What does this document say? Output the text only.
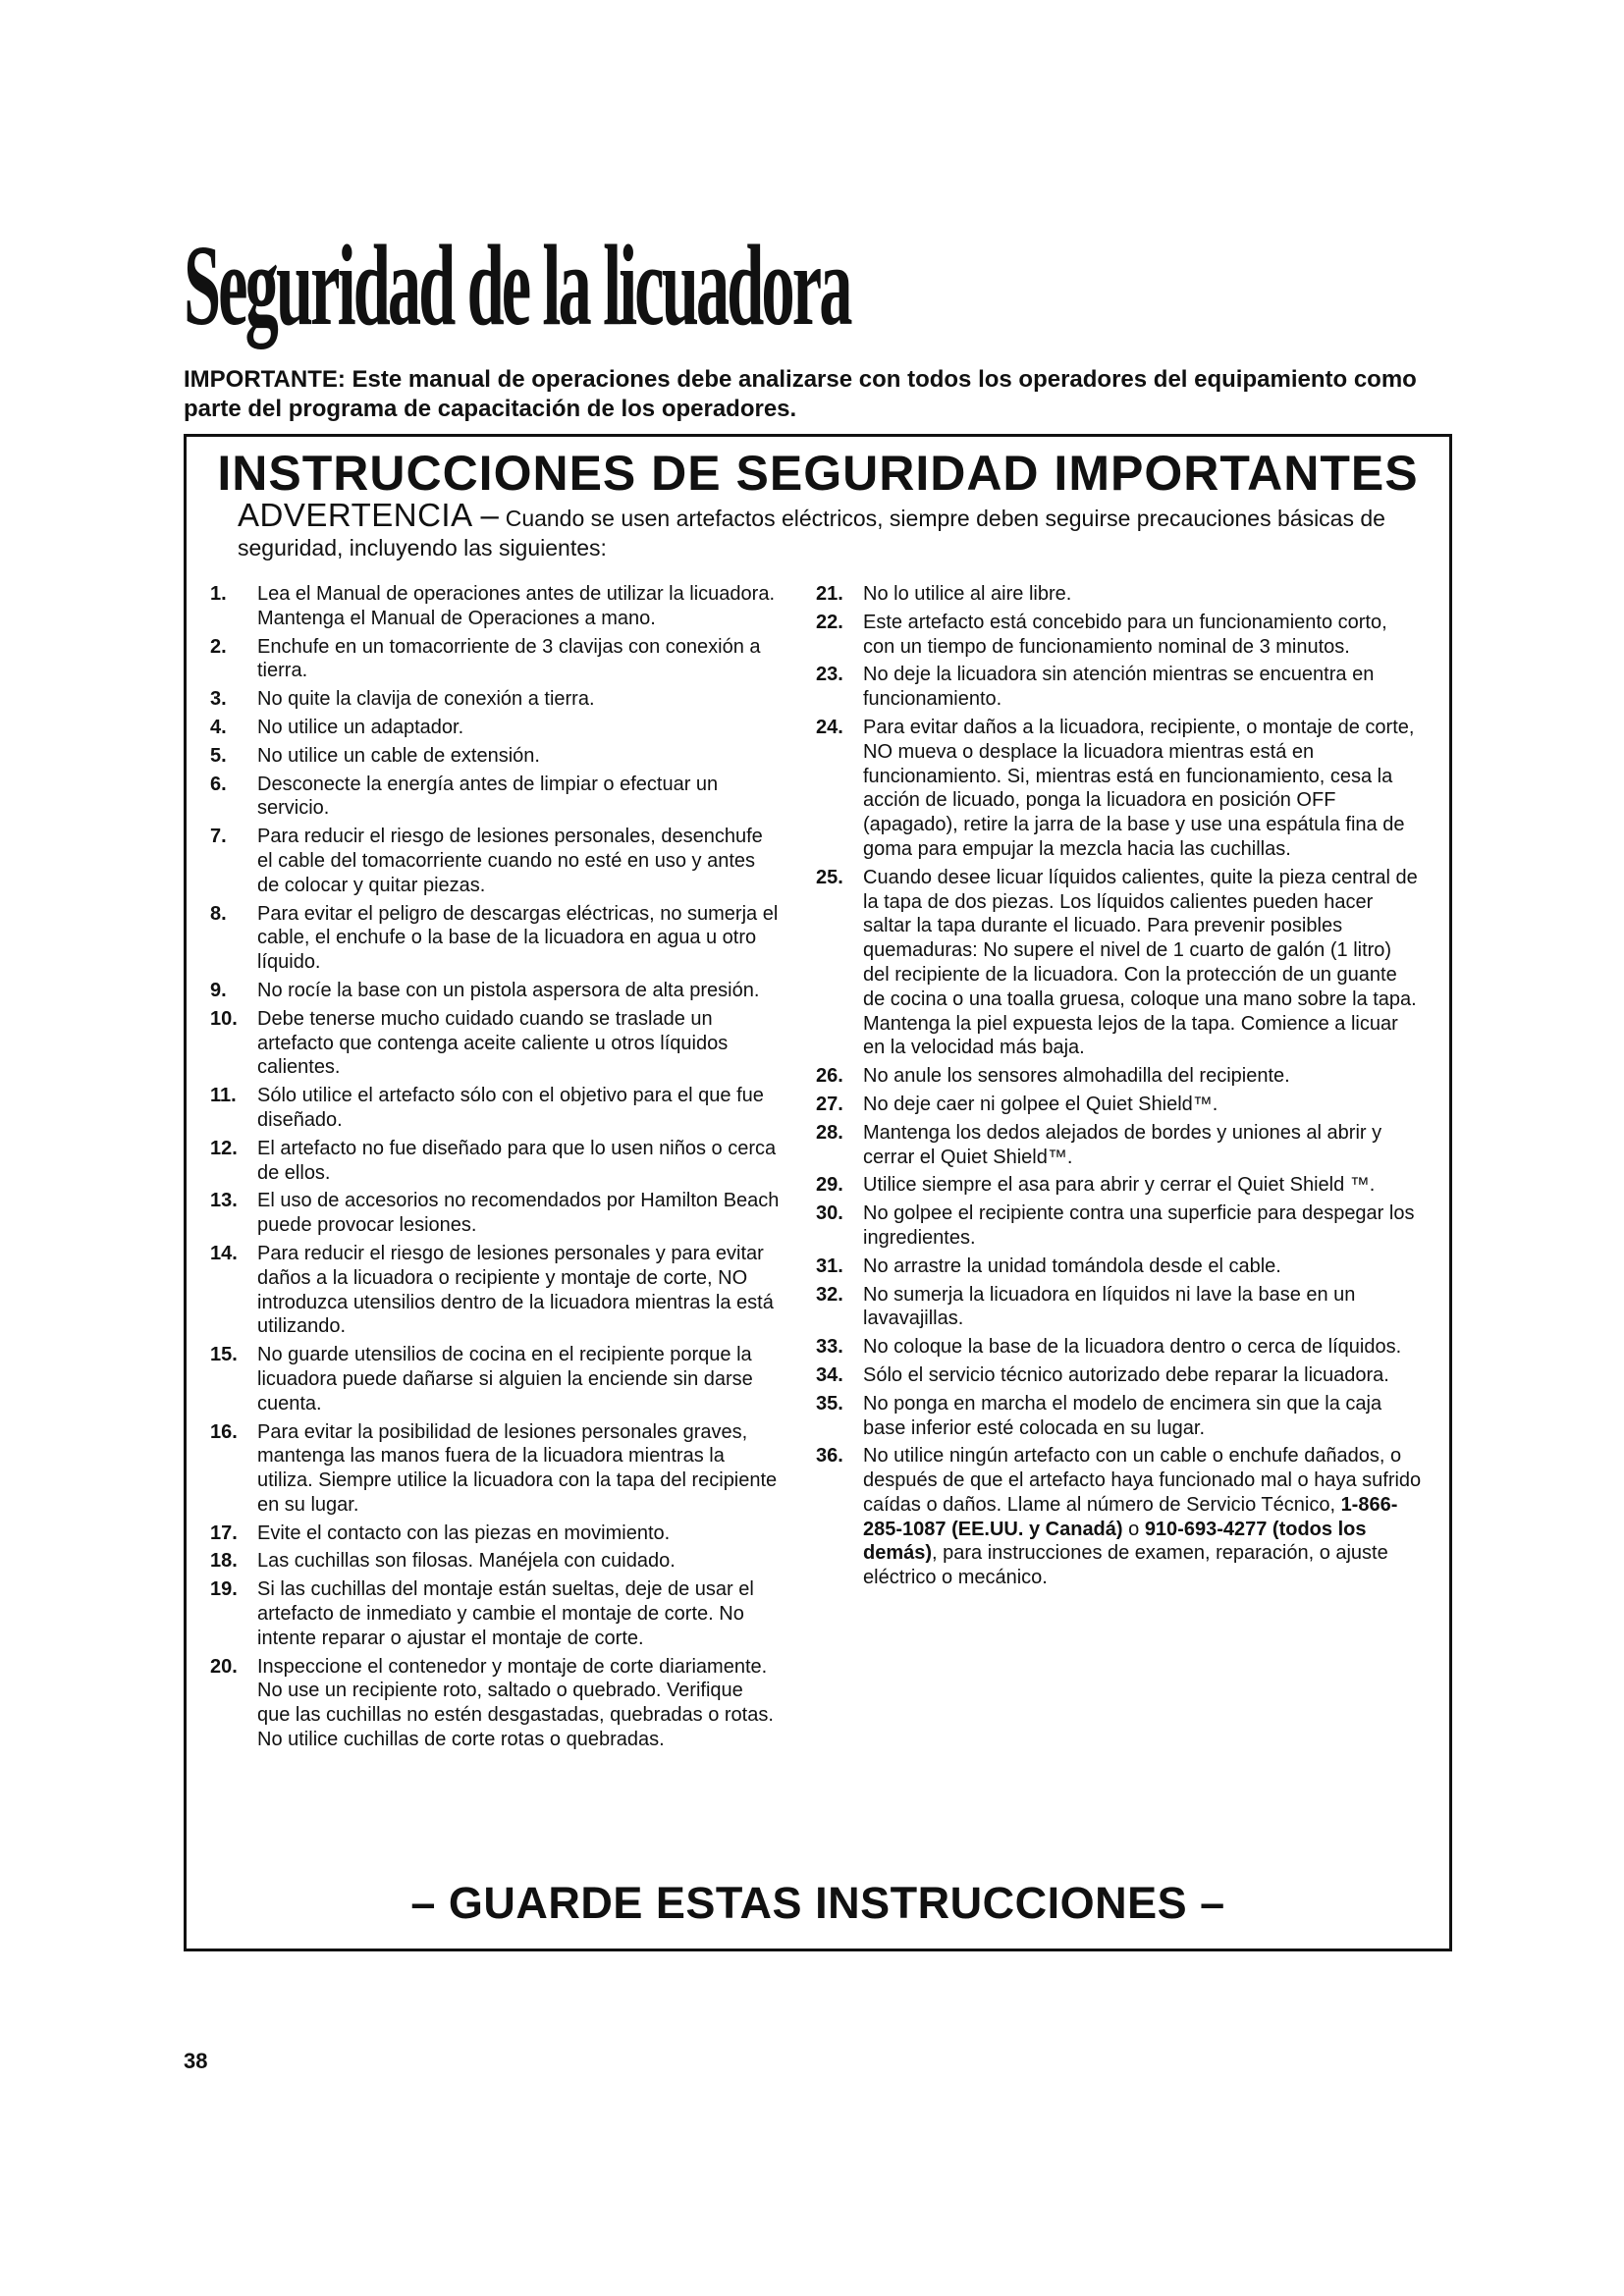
Seguridad de la licuadora

IMPORTANTE: Este manual de operaciones debe analizarse con todos los operadores del equipamiento como parte del programa de capacitación de los operadores.

INSTRUCCIONES DE SEGURIDAD IMPORTANTES

ADVERTENCIA – Cuando se usen artefactos eléctricos, siempre deben seguirse precauciones básicas de seguridad, incluyendo las siguientes:

1. Lea el Manual de operaciones antes de utilizar la licuadora. Mantenga el Manual de Operaciones a mano.
2. Enchufe en un tomacorriente de 3 clavijas con conexión a tierra.
3. No quite la clavija de conexión a tierra.
4. No utilice un adaptador.
5. No utilice un cable de extensión.
6. Desconecte la energía antes de limpiar o efectuar un servicio.
7. Para reducir el riesgo de lesiones personales, desenchufe el cable del tomacorriente cuando no esté en uso y antes de colocar y quitar piezas.
8. Para evitar el peligro de descargas eléctricas, no sumerja el cable, el enchufe o la base de la licuadora en agua u otro líquido.
9. No rocíe la base con un pistola aspersora de alta presión.
10. Debe tenerse mucho cuidado cuando se traslade un artefacto que contenga aceite caliente u otros líquidos calientes.
11. Sólo utilice el artefacto sólo con el objetivo para el que fue diseñado.
12. El artefacto no fue diseñado para que lo usen niños o cerca de ellos.
13. El uso de accesorios no recomendados por Hamilton Beach puede provocar lesiones.
14. Para reducir el riesgo de lesiones personales y para evitar daños a la licuadora o recipiente y montaje de corte, NO introduzca utensilios dentro de la licuadora mientras la está utilizando.
15. No guarde utensilios de cocina en el recipiente porque la licuadora puede dañarse si alguien la enciende sin darse cuenta.
16. Para evitar la posibilidad de lesiones personales graves, mantenga las manos fuera de la licuadora mientras la utiliza. Siempre utilice la licuadora con la tapa del recipiente en su lugar.
17. Evite el contacto con las piezas en movimiento.
18. Las cuchillas son filosas. Manéjela con cuidado.
19. Si las cuchillas del montaje están sueltas, deje de usar el artefacto de inmediato y cambie el montaje de corte. No intente reparar o ajustar el montaje de corte.
20. Inspeccione el contenedor y montaje de corte diariamente. No use un recipiente roto, saltado o quebrado. Verifique que las cuchillas no estén desgastadas, quebradas o rotas. No utilice cuchillas de corte rotas o quebradas.
21. No lo utilice al aire libre.
22. Este artefacto está concebido para un funcionamiento corto, con un tiempo de funcionamiento nominal de 3 minutos.
23. No deje la licuadora sin atención mientras se encuentra en funcionamiento.
24. Para evitar daños a la licuadora, recipiente, o montaje de corte, NO mueva o desplace la licuadora mientras está en funcionamiento. Si, mientras está en funcionamiento, cesa la acción de licuado, ponga la licuadora en posición OFF (apagado), retire la jarra de la base y use una espátula fina de goma para empujar la mezcla hacia las cuchillas.
25. Cuando desee licuar líquidos calientes, quite la pieza central de la tapa de dos piezas. Los líquidos calientes pueden hacer saltar la tapa durante el licuado. Para prevenir posibles quemaduras: No supere el nivel de 1 cuarto de galón (1 litro) del recipiente de la licuadora. Con la protección de un guante de cocina o una toalla gruesa, coloque una mano sobre la tapa. Mantenga la piel expuesta lejos de la tapa. Comience a licuar en la velocidad más baja.
26. No anule los sensores almohadilla del recipiente.
27. No deje caer ni golpee el Quiet Shield™.
28. Mantenga los dedos alejados de bordes y uniones al abrir y cerrar el Quiet Shield™.
29. Utilice siempre el asa para abrir y cerrar el Quiet Shield ™.
30. No golpee el recipiente contra una superficie para despegar los ingredientes.
31. No arrastre la unidad tomándola desde el cable.
32. No sumerja la licuadora en líquidos ni lave la base en un lavavajillas.
33. No coloque la base de la licuadora dentro o cerca de líquidos.
34. Sólo el servicio técnico autorizado debe reparar la licuadora.
35. No ponga en marcha el modelo de encimera sin que la caja base inferior esté colocada en su lugar.
36. No utilice ningún artefacto con un cable o enchufe dañados, o después de que el artefacto haya funcionado mal o haya sufrido caídas o daños. Llame al número de Servicio Técnico, 1-866-285-1087 (EE.UU. y Canadá) o 910-693-4277 (todos los demás), para instrucciones de examen, reparación, o ajuste eléctrico o mecánico.

– GUARDE ESTAS INSTRUCCIONES –

38
